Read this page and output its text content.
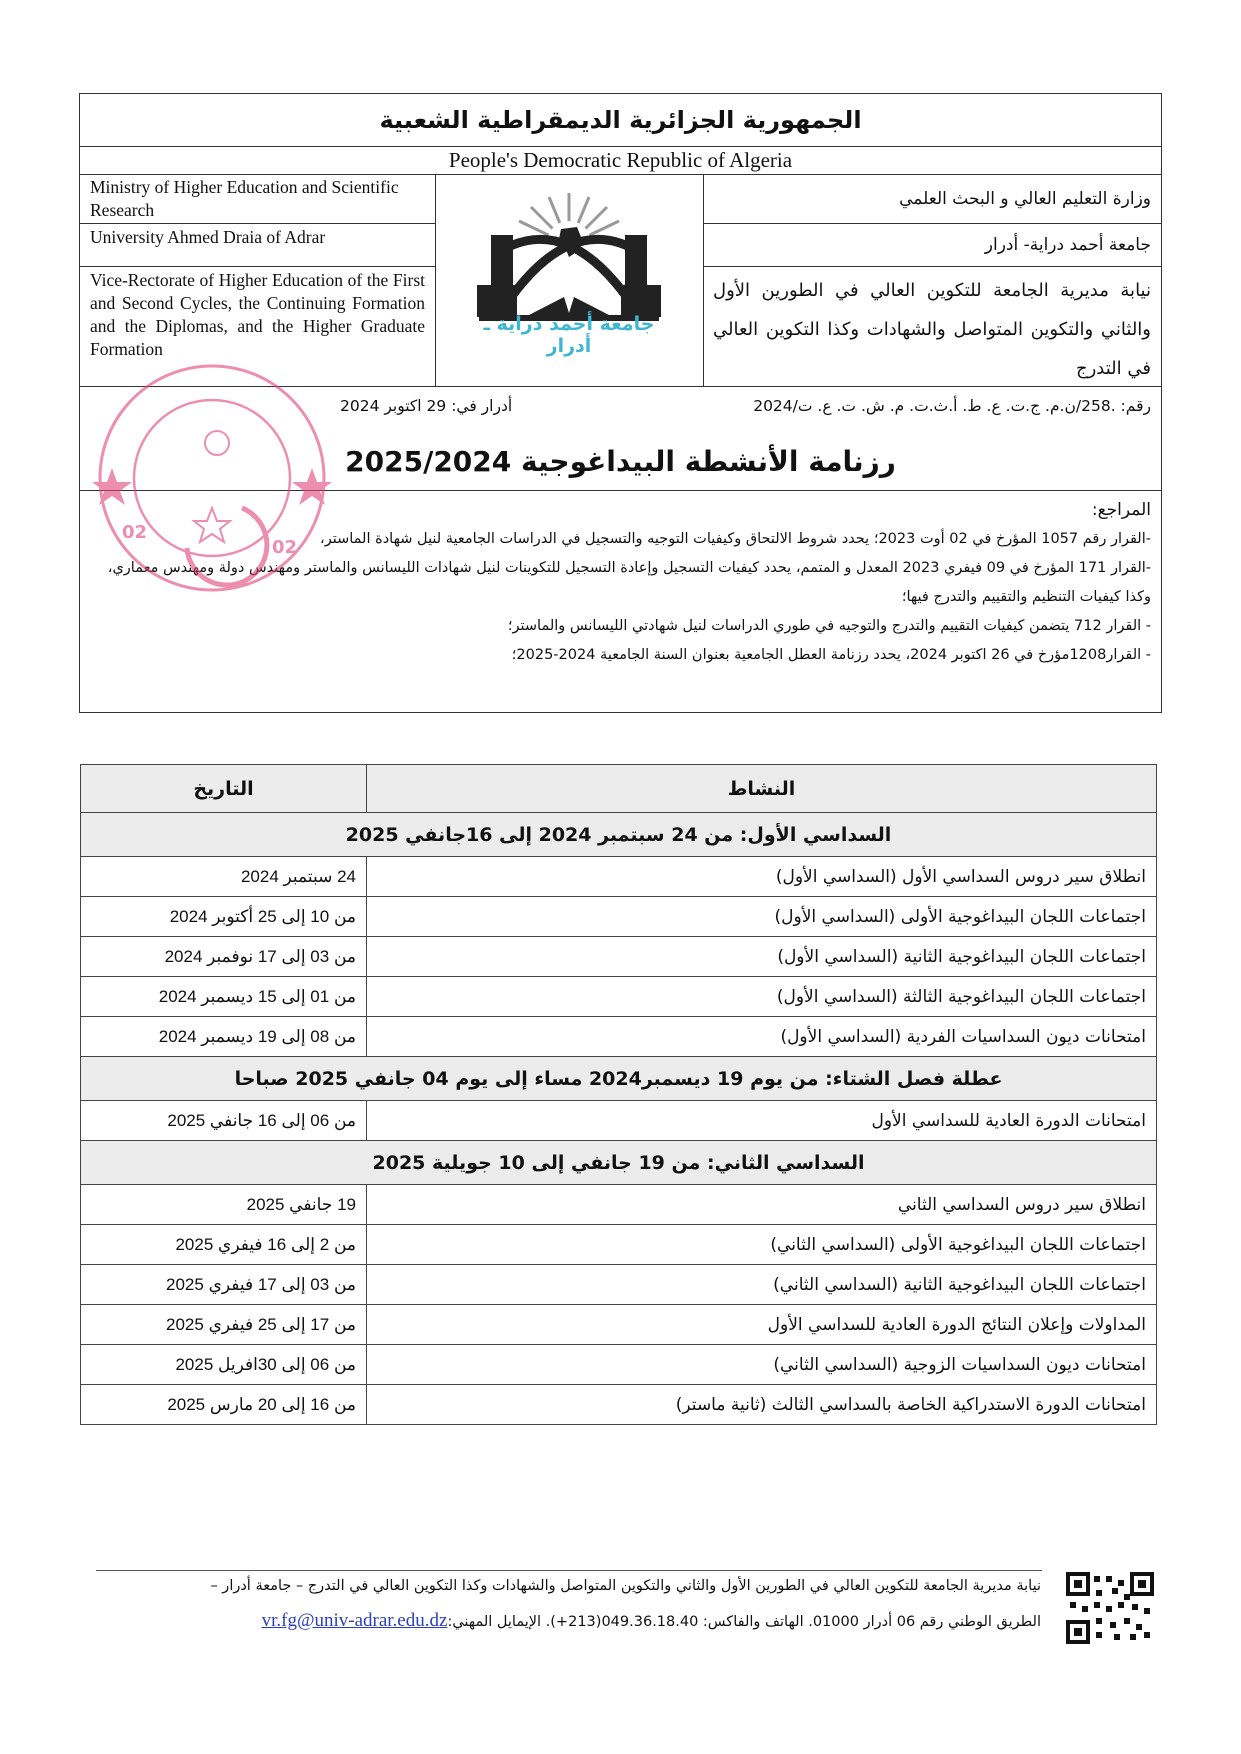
الجمهورية الجزائرية الديمقراطية الشعبية
People's Democratic Republic of Algeria
Ministry of Higher Education and Scientific Research
University Ahmed Draia of Adrar
Vice-Rectorate of Higher Education of the First and Second Cycles, the Continuing Formation and the Diplomas, and the Higher Graduate Formation
جامعة أحمد دراية ـ أدرار
وزارة التعليم العالي و البحث العلمي
جامعة أحمد دراية- أدرار
نيابة مديرية الجامعة للتكوين العالي في الطورين الأول والثاني والتكوين المتواصل والشهادات وكذا التكوين العالي في التدرج
رقم: .258/ن.م. ج.ت. ع. ط. أ.ث.ت. م. ش. ت. ع. ت/2024
أدرار في: 29 اكتوبر 2024
رزنامة الأنشطة البيداغوجية 2025/2024
المراجع:
-القرار رقم 1057 المؤرخ في 02 أوت 2023؛ يحدد شروط الالتحاق وكيفيات التوجيه والتسجيل في الدراسات الجامعية لنيل شهادة الماستر،
-القرار 171 المؤرخ في 09 فيفري 2023 المعدل و المتمم، يحدد كيفيات التسجيل وإعادة التسجيل للتكوينات لنيل شهادات الليسانس والماستر ومهندس دولة ومهندس معماري، وكذا كيفيات التنظيم والتقييم والتدرج فيها؛
- القرار 712 يتضمن كيفيات التقييم والتدرج والتوجيه في طوري الدراسات لنيل شهادتي الليسانس والماستر؛
- القرار1208مؤرخ في 26 اكتوبر 2024، يحدد رزنامة العطل الجامعية بعنوان السنة الجامعية 2024-2025؛
02
02
النشاط	التاريخ
السداسي الأول: من 24 سبتمبر 2024 إلى 16جانفي 2025	
انطلاق سير دروس السداسي الأول (السداسي الأول)	24 سبتمبر 2024
اجتماعات اللجان البيداغوجية الأولى (السداسي الأول)	من 10 إلى 25 أكتوبر 2024
اجتماعات اللجان البيداغوجية الثانية (السداسي الأول)	من 03 إلى 17 نوفمبر 2024
اجتماعات اللجان البيداغوجية الثالثة (السداسي الأول)	من 01 إلى 15 ديسمبر 2024
امتحانات ديون السداسيات الفردية (السداسي الأول)	من 08 إلى 19 ديسمبر 2024
عطلة فصل الشتاء: من يوم 19 ديسمبر2024 مساء إلى يوم 04 جانفي 2025 صباحا	
امتحانات الدورة العادية للسداسي الأول	من 06 إلى 16 جانفي 2025
السداسي الثاني: من 19 جانفي إلى 10 جويلية 2025	
انطلاق سير دروس السداسي الثاني	19 جانفي 2025
اجتماعات اللجان البيداغوجية الأولى (السداسي الثاني)	من 2 إلى 16 فيفري 2025
اجتماعات اللجان البيداغوجية الثانية (السداسي الثاني)	من 03 إلى 17 فيفري 2025
المداولات وإعلان النتائج الدورة العادية للسداسي الأول	من 17 إلى 25 فيفري 2025
امتحانات ديون السداسيات الزوجية (السداسي الثاني)	من 06 إلى 30افريل 2025
امتحانات الدورة الاستدراكية الخاصة بالسداسي الثالث (ثانية ماستر)	من 16 إلى 20 مارس 2025
نيابة مديرية الجامعة للتكوين العالي في الطورين الأول والثاني والتكوين المتواصل والشهادات وكذا التكوين العالي في التدرج – جامعة أدرار –
الطريق الوطني رقم 06 أدرار 01000. الهاتف والفاكس: 049.36.18.40(213+). الإيمايل المهني:vr.fg@univ-adrar.edu.dz
